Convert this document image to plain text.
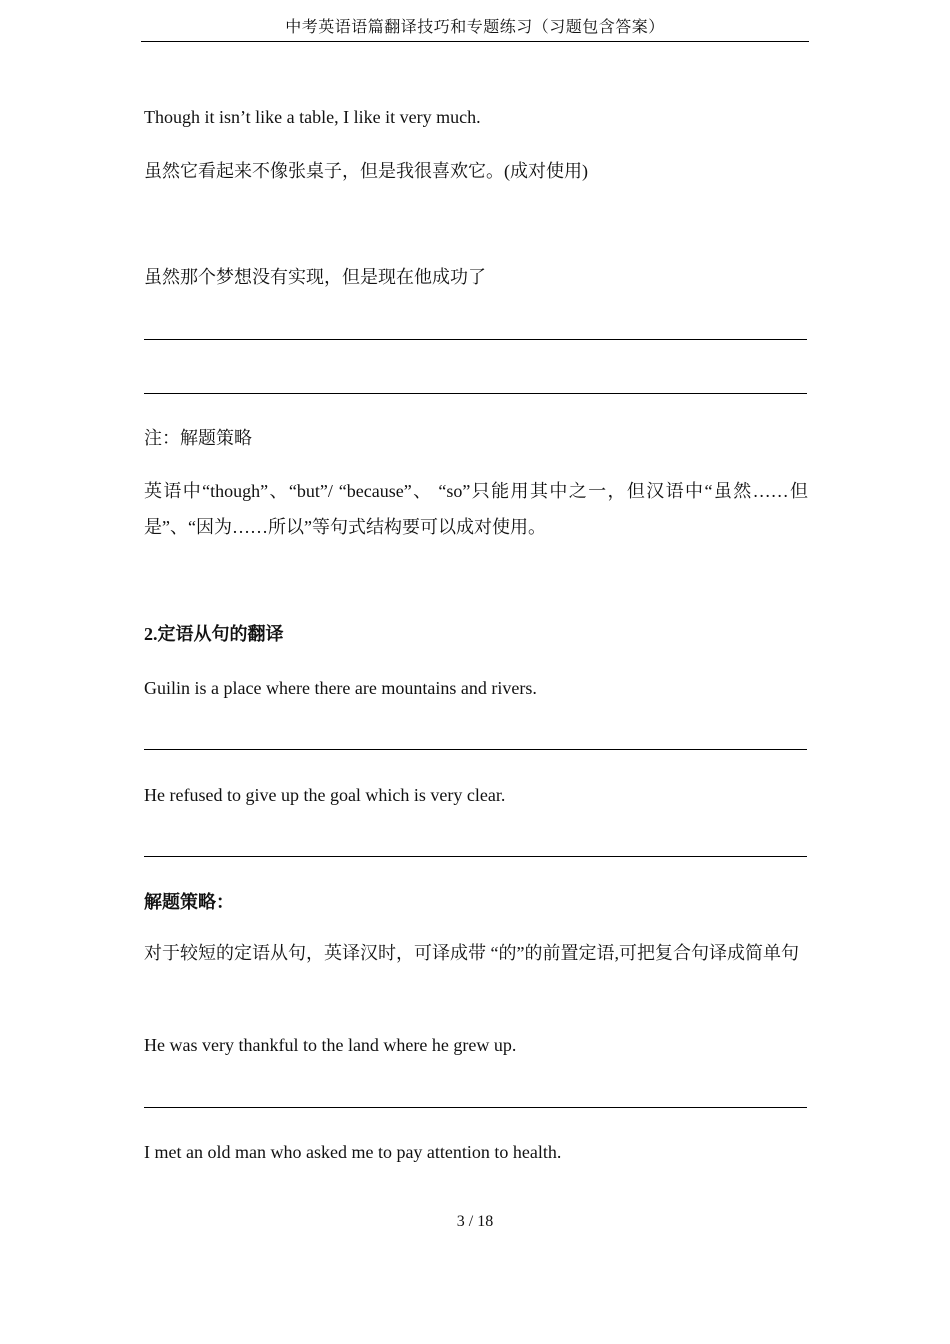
中考英语语篇翻译技巧和专题练习（习题包含答案）
Though it isn’t like a table, I like it very much.
虽然它看起来不像张桌子，但是我很喜欢它。(成对使用)
虽然那个梦想没有实现，但是现在他成功了
注：解题策略
英语中“though”、“but”/ “because”、 “so”只能用其中之一，但汉语中“虽然……但是”、“因为……所以”等句式结构要可以成对使用。
2.定语从句的翻译
Guilin is a place where there are mountains and rivers.
He refused to give up the goal which is very clear.
解题策略：
对于较短的定语从句，英译汉时，可译成带 “的”的前置定语,可把复合句译成简单句
He was very thankful to the land where he grew up.
I met an old man who asked me to pay attention to health.
3 / 18
